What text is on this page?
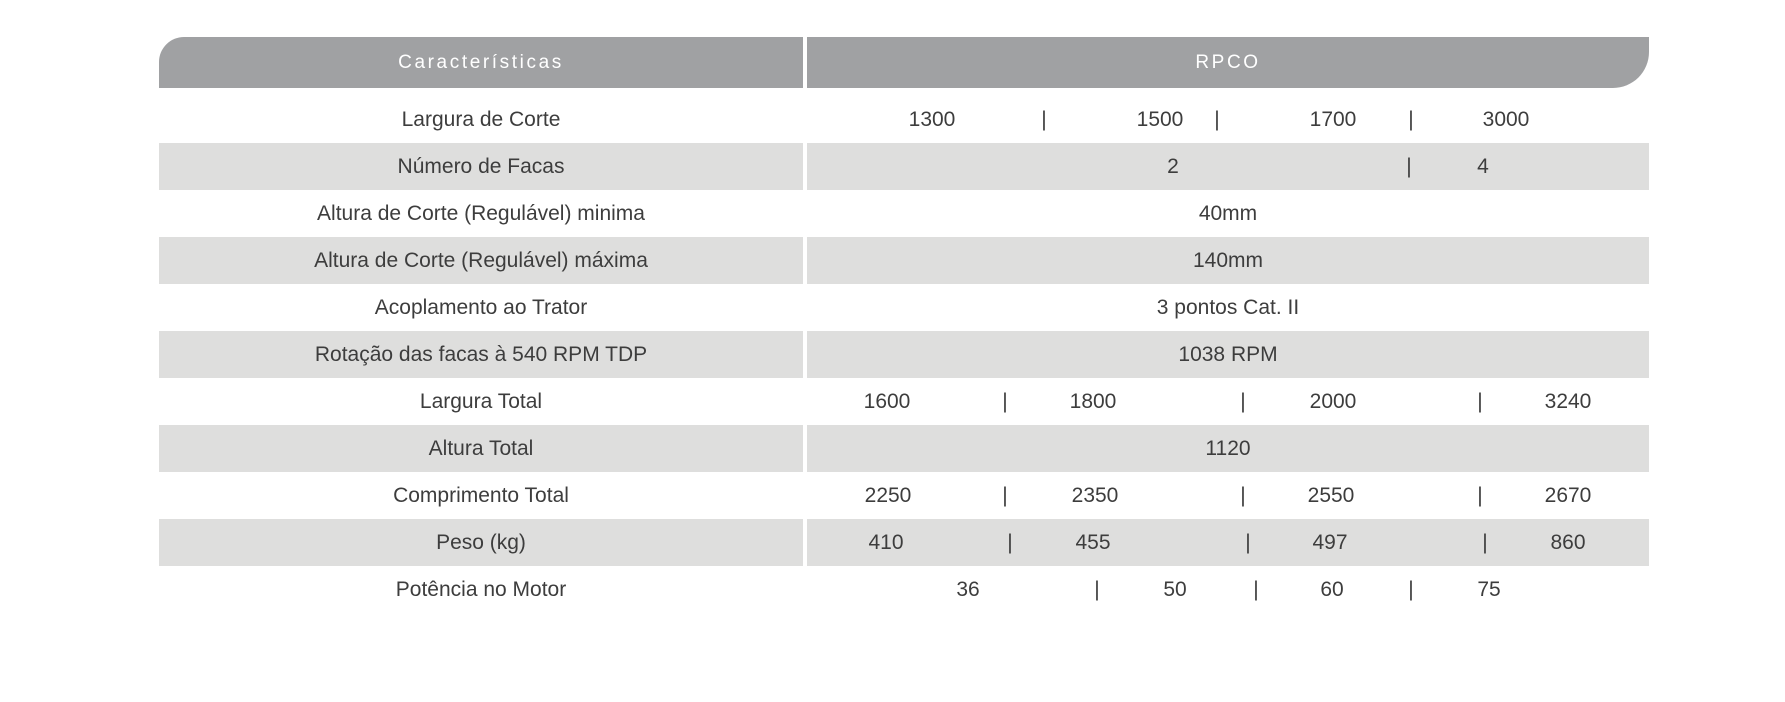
Características	RPCO
Largura de Corte	1300	|	1500 |	1700 |	3000
Número de Facas	2	|	4
Altura de Corte (Regulável) minima	40mm
Altura de Corte (Regulável) máxima	140mm
Acoplamento ao Trator	3 pontos Cat. II
Rotação das facas à 540 RPM TDP	1038 RPM
Largura Total	1600	|	1800	|	2000	|	3240
Altura Total	1120
Comprimento Total	2250	|	2350	|	2550	|	2670
Peso (kg)	410	|	455	|	497	|	860
Potência no Motor	36	|	50	|	60	|	75
